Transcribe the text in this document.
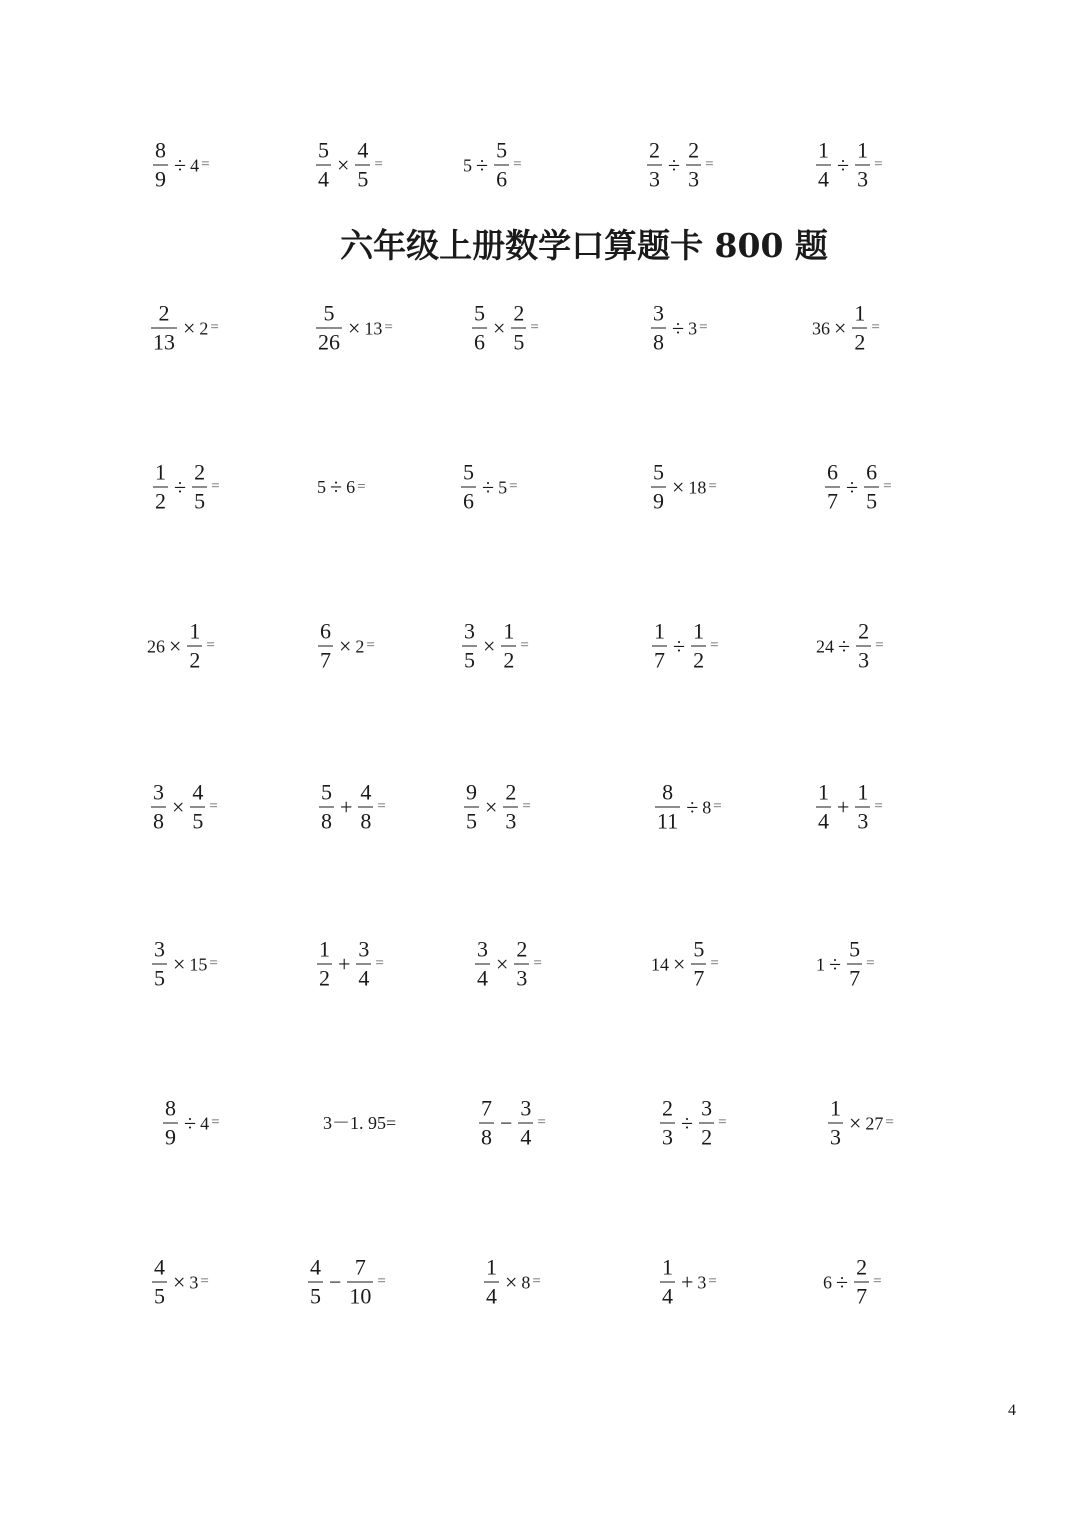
六年级上册数学口算题卡 800 题
$\frac{8}{9} \div 4$ =	$\frac{5}{4} \times \frac{4}{5}$ =	$5 \div \frac{5}{6}$ =	$\frac{2}{3} \div \frac{2}{3}$ =	$\frac{1}{4} \div \frac{1}{3}$ =
$\frac{2}{13} \times 2$ =	$\frac{5}{26} \times 13$ =	$\frac{5}{6} \times \frac{2}{5}$ =	$\frac{3}{8} \div 3$ =	$36 \times \frac{1}{2}$ =
$\frac{1}{2} \div \frac{2}{5}$ =	5 ÷ 6 =	$\frac{5}{6} \div 5$ =	$\frac{5}{9} \times 18$ =	$\frac{6}{7} \div \frac{6}{5}$ =
$26 \times \frac{1}{2}$ =	$\frac{6}{7} \times 2$ =	$\frac{3}{5} \times \frac{1}{2}$ =	$\frac{1}{7} \div \frac{1}{2}$ =	$24 \div \frac{2}{3}$ =
$\frac{3}{8} \times \frac{4}{5}$ =	$\frac{5}{8} + \frac{4}{8}$ =	$\frac{9}{5} \times \frac{2}{3}$ =	$\frac{8}{11} \div 8$ =	$\frac{1}{4} + \frac{1}{3}$ =
$\frac{3}{5} \times 15$ =	$\frac{1}{2} + \frac{3}{4}$ =	$\frac{3}{4} \times \frac{2}{3}$ =	$14 \times \frac{5}{7}$ =	$1 \div \frac{5}{7}$ =
$\frac{8}{9} \div 4$ =	3－1. 95=	$\frac{7}{8} - \frac{3}{4}$ =	$\frac{2}{3} \div \frac{3}{2}$ =	$\frac{1}{3} \times 27$ =
$\frac{4}{5} \times 3$ =	$\frac{4}{5} - \frac{7}{10}$ =	$\frac{1}{4} \times 8$ =	$\frac{1}{4} + 3$ =	$6 \div \frac{2}{7}$ =
4
